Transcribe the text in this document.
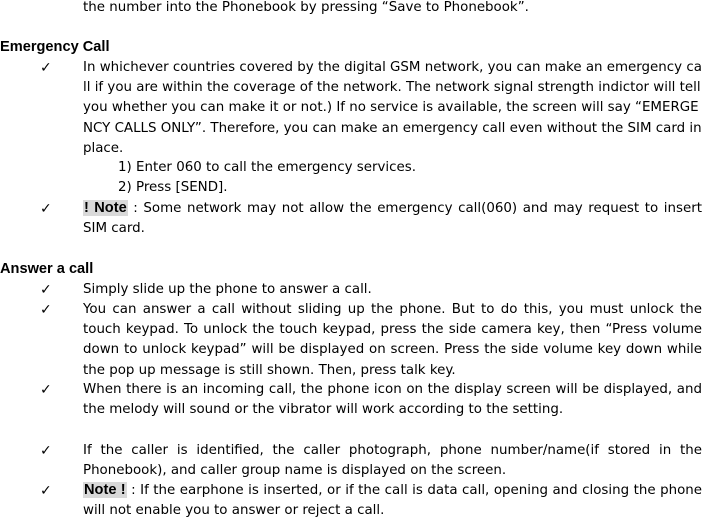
the number into the Phonebook by pressing “Save to Phonebook”.
Emergency Call
✓ In whichever countries covered by the digital GSM network, you can make an emergency call if you are within the coverage of the network. The network signal strength indictor will tell you whether you can make it or not.) If no service is available, the screen will say “EMERGENCY CALLS ONLY”. Therefore, you can make an emergency call even without the SIM card in place.
1) Enter 060 to call the emergency services.
2) Press [SEND].
✓ ! Note : Some network may not allow the emergency call(060) and may request to insert SIM card.
Answer a call
✓ Simply slide up the phone to answer a call.
✓ You can answer a call without sliding up the phone. But to do this, you must unlock the touch keypad. To unlock the touch keypad, press the side camera key, then “Press volume down to unlock keypad” will be displayed on screen. Press the side volume key down while the pop up message is still shown. Then, press talk key.
✓ When there is an incoming call, the phone icon on the display screen will be displayed, and the melody will sound or the vibrator will work according to the setting.
✓ If the caller is identified, the caller photograph, phone number/name(if stored in the Phonebook), and caller group name is displayed on the screen.
✓ Note ! : If the earphone is inserted, or if the call is data call, opening and closing the phone will not enable you to answer or reject a call.
